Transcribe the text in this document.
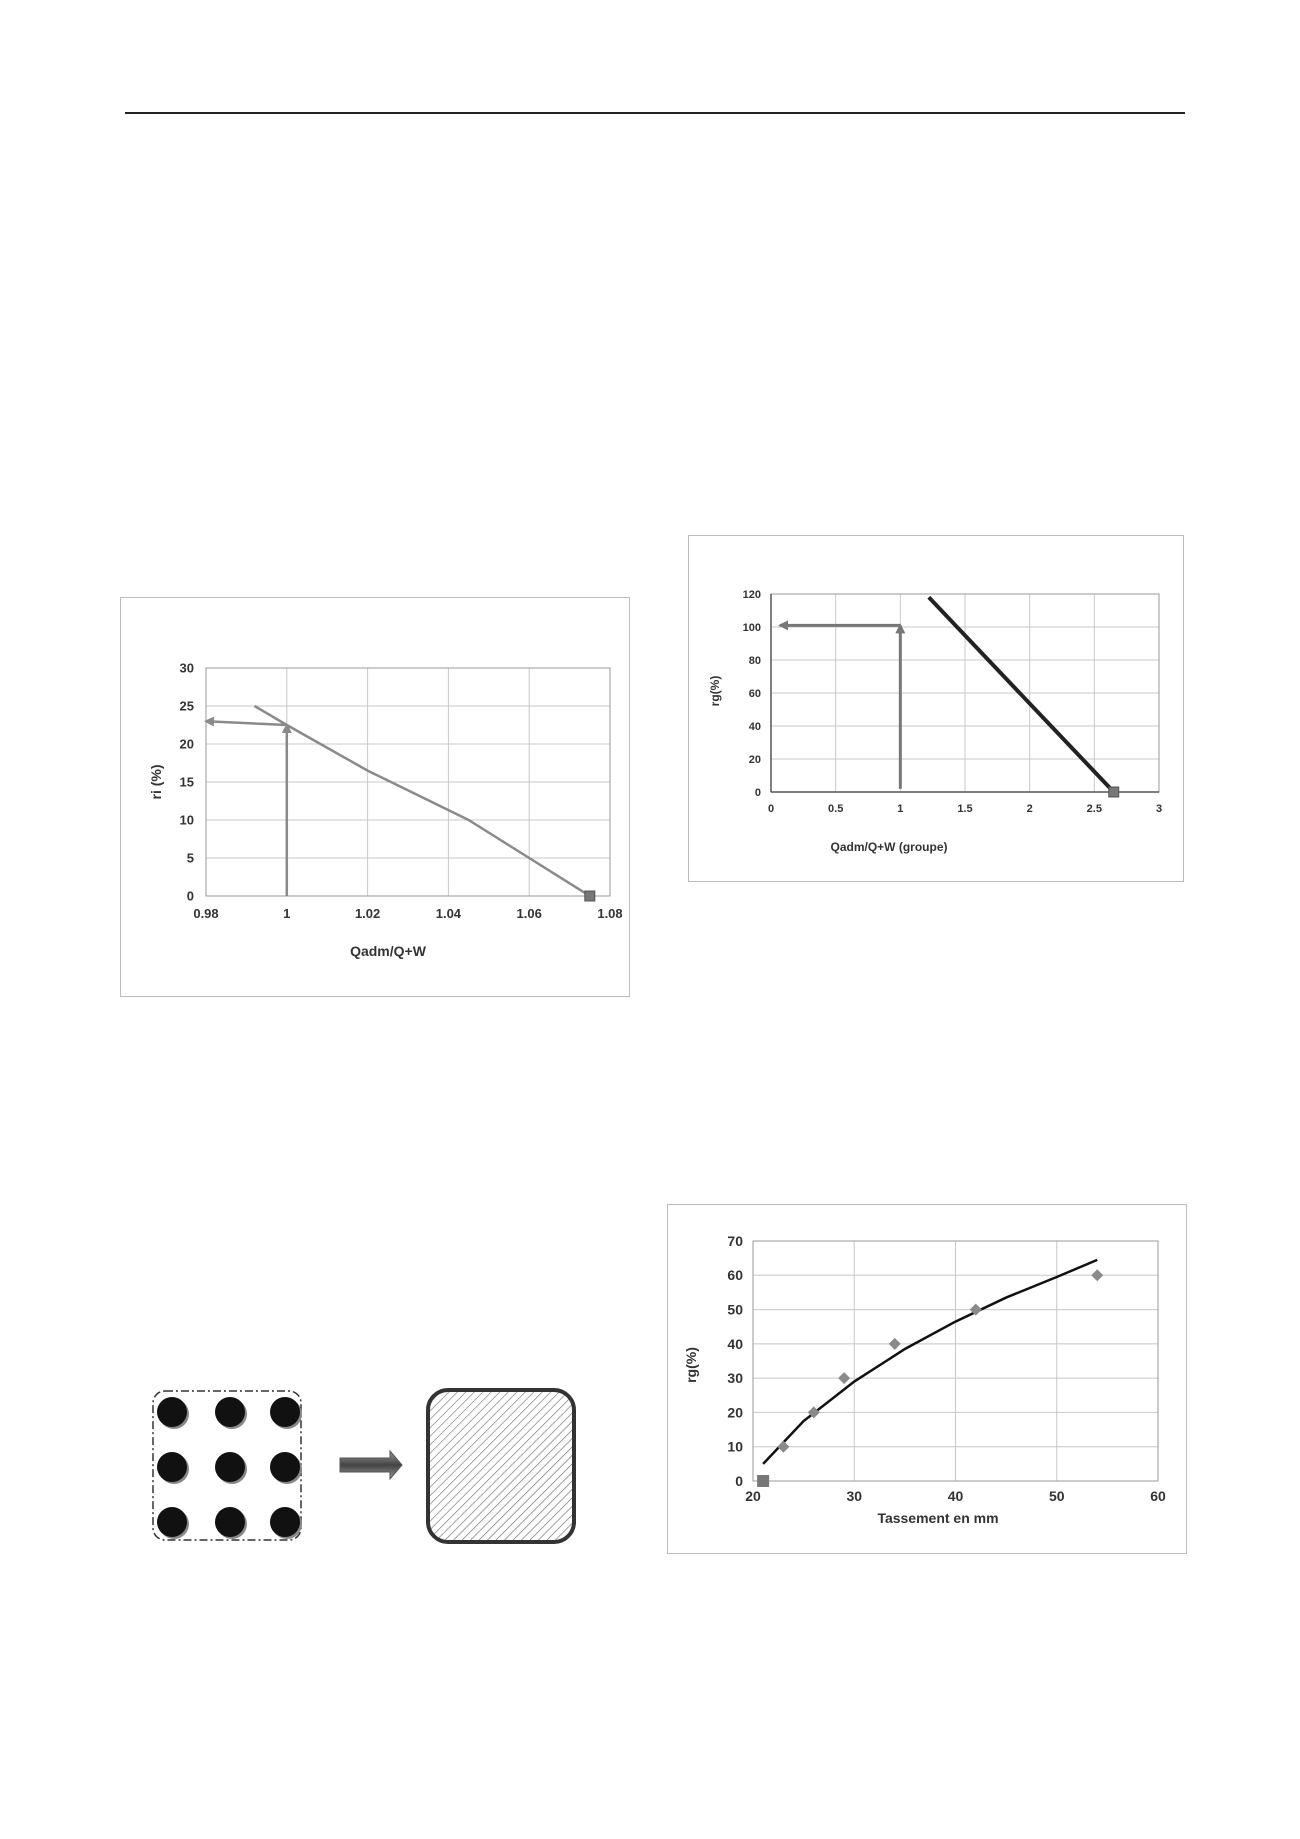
0.98	1	1.02	1.04	1.06	1.08
0
5
10
15
20
25
30
Qadm/Q+W
ri (%)
0	0.5	1	1.5	2	2.5	3
0
20
40
60
80
100
120
Qadm/Q+W (groupe)
rg(%)
20	30	40	50	60
0
10
20
30
40
50
60
70
Tassement en mm
rg(%)
